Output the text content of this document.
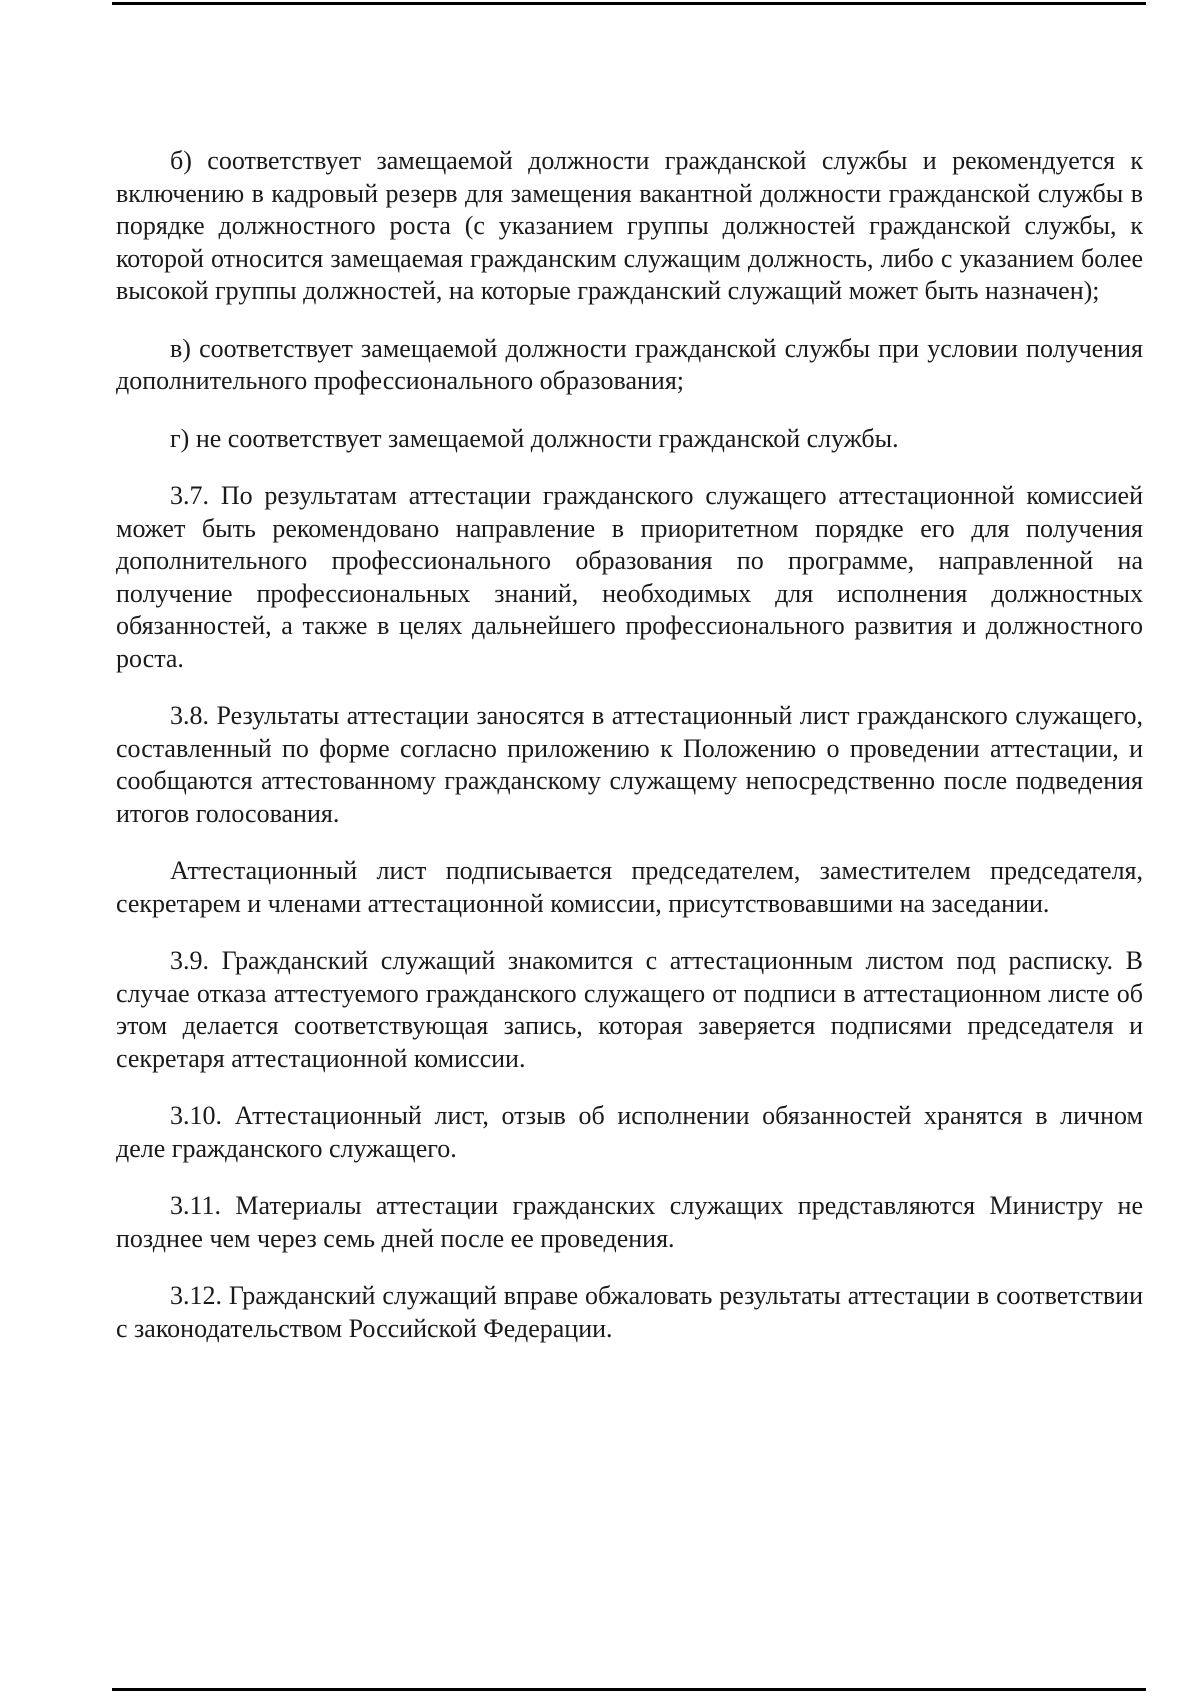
б) соответствует замещаемой должности гражданской службы и рекомендуется к включению в кадровый резерв для замещения вакантной должности гражданской службы в порядке должностного роста (с указанием группы должностей гражданской службы, к которой относится замещаемая гражданским служащим должность, либо с указанием более высокой группы должностей, на которые гражданский служащий может быть назначен);

в) соответствует замещаемой должности гражданской службы при условии получения дополнительного профессионального образования;

г) не соответствует замещаемой должности гражданской службы.

3.7. По результатам аттестации гражданского служащего аттестационной комиссией может быть рекомендовано направление в приоритетном порядке его для получения дополнительного профессионального образования по программе, направленной на получение профессиональных знаний, необходимых для исполнения должностных обязанностей, а также в целях дальнейшего профессионального развития и должностного роста.

3.8. Результаты аттестации заносятся в аттестационный лист гражданского служащего, составленный по форме согласно приложению к Положению о проведении аттестации, и сообщаются аттестованному гражданскому служащему непосредственно после подведения итогов голосования.

Аттестационный лист подписывается председателем, заместителем председателя, секретарем и членами аттестационной комиссии, присутствовавшими на заседании.

3.9. Гражданский служащий знакомится с аттестационным листом под расписку. В случае отказа аттестуемого гражданского служащего от подписи в аттестационном листе об этом делается соответствующая запись, которая заверяется подписями председателя и секретаря аттестационной комиссии.

3.10. Аттестационный лист, отзыв об исполнении обязанностей хранятся в личном деле гражданского служащего.

3.11. Материалы аттестации гражданских служащих представляются Министру не позднее чем через семь дней после ее проведения.

3.12. Гражданский служащий вправе обжаловать результаты аттестации в соответствии с законодательством Российской Федерации.
